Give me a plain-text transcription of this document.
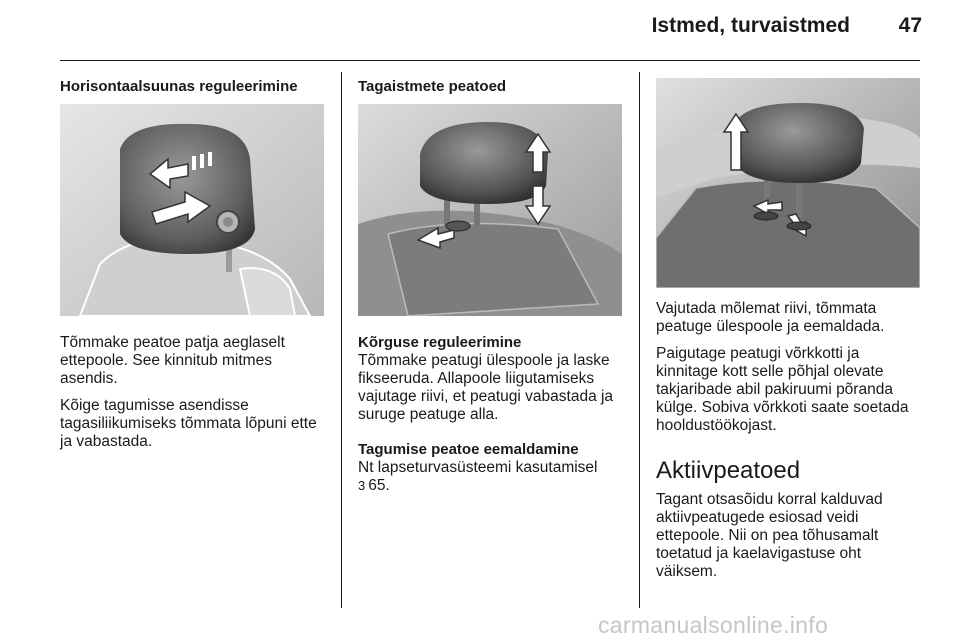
Istmed, turvaistmed	47

Horisontaalsuunas reguleerimine

Tõmmake peatoe patja aeglaselt ettepoole. See kinnitub mitmes asendis.

Kõige tagumisse asendisse tagasiliikumiseks tõmmata lõpuni ette ja vabastada.

Tagaistmete peatoed

Kõrguse reguleerimine

Tõmmake peatugi ülespoole ja laske fikseeruda. Allapoole liigutamiseks vajutage riivi, et peatugi vabastada ja suruge peatuge alla.

Tagumise peatoe eemaldamine

Nt lapseturvasüsteemi kasutamisel

3 65.

Vajutada mõlemat riivi, tõmmata peatuge ülespoole ja eemaldada.

Paigutage peatugi võrkkotti ja kinnitage kott selle põhjal olevate takjaribade abil pakiruumi põranda külge. Sobiva võrkkoti saate soetada hooldustöökojast.

Aktiivpeatoed

Tagant otsasõidu korral kalduvad aktiivpeatugede esiosad veidi ettepoole. Nii on pea tõhusamalt toetatud ja kaelavigastuse oht väiksem.

carmanualsonline.info
